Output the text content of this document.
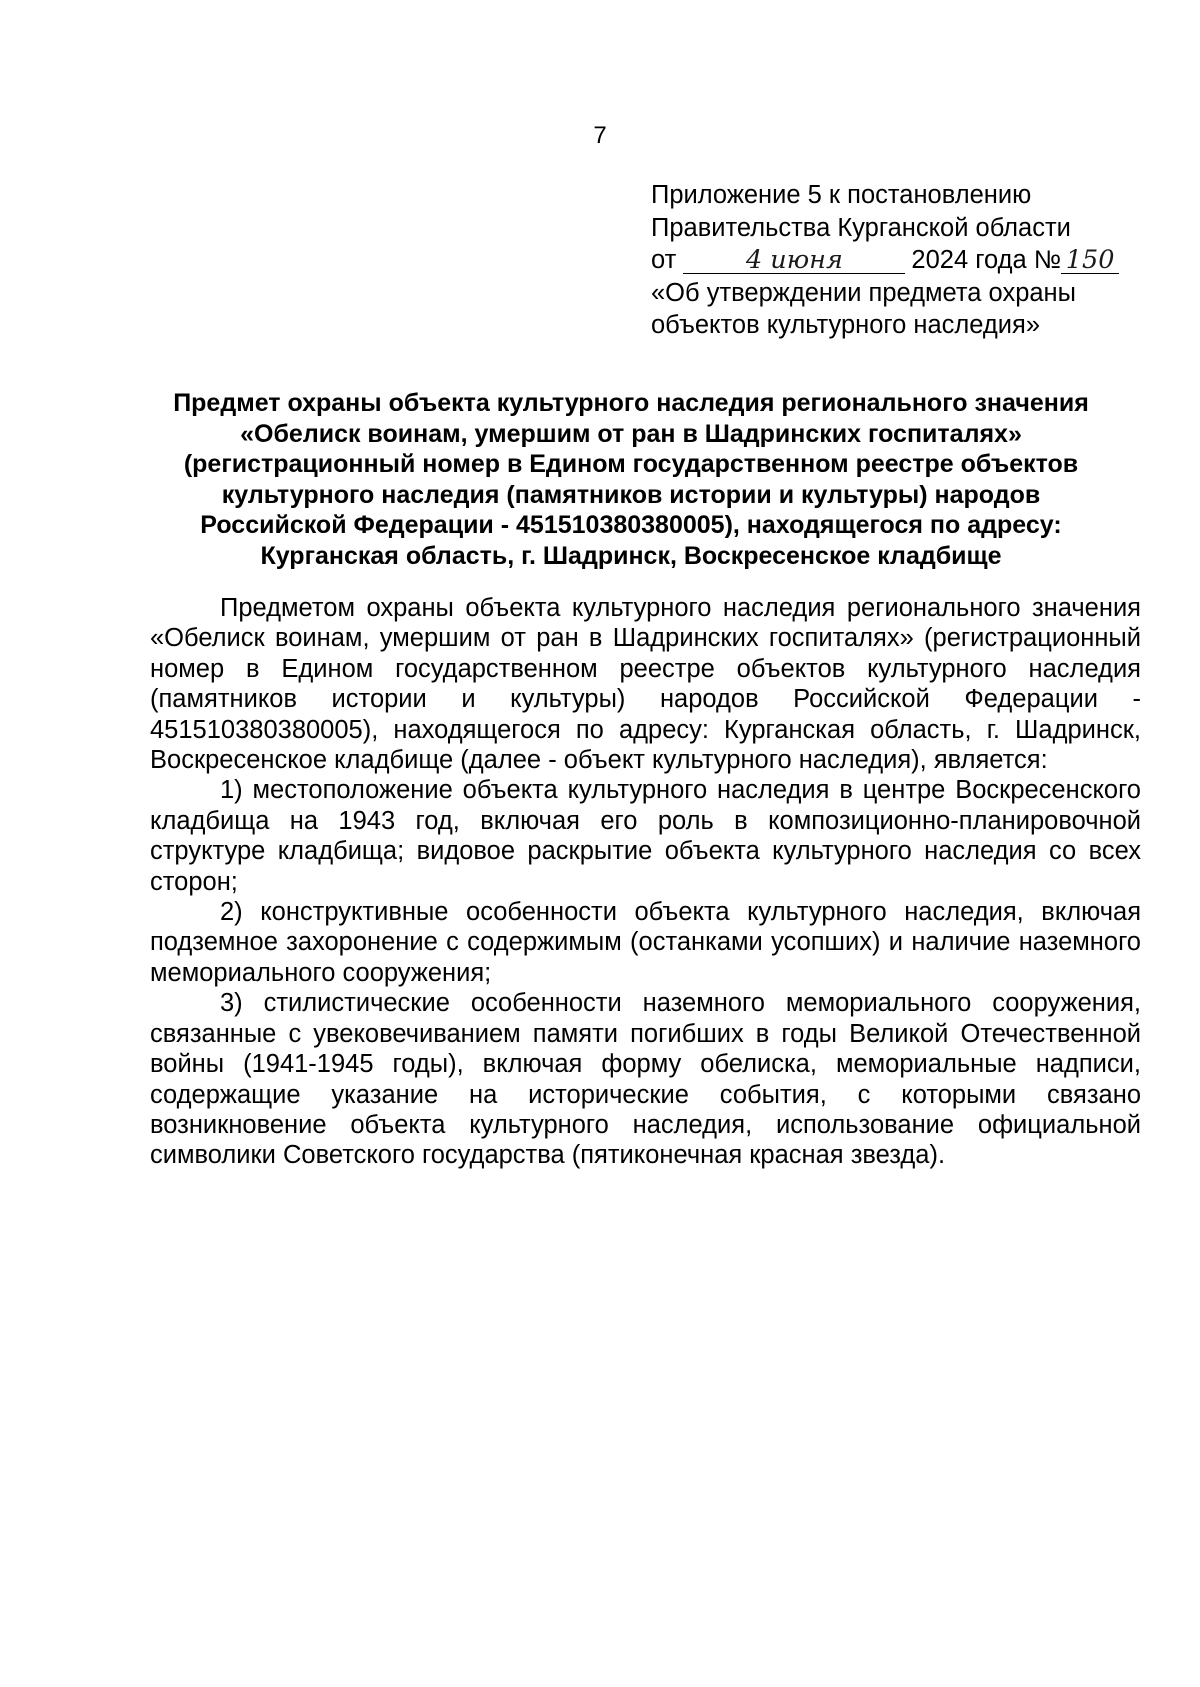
7
Приложение 5 к постановлению
Правительства Курганской области
от	4 июня	2024 года № 150
«Об утверждении предмета охраны
объектов культурного наследия»
Предмет охраны объекта культурного наследия регионального значения
«Обелиск воинам, умершим от ран в Шадринских госпиталях»
(регистрационный номер в Едином государственном реестре объектов
культурного наследия (памятников истории и культуры) народов
Российской Федерации - 451510380380005), находящегося по адресу:
Курганская область, г. Шадринск, Воскресенское кладбище

Предметом охраны объекта культурного наследия регионального значения «Обелиск воинам, умершим от ран в Шадринских госпиталях» (регистрационный номер в Едином государственном реестре объектов культурного наследия (памятников истории и культуры) народов Российской Федерации - 451510380380005), находящегося по адресу: Курганская область, г. Шадринск, Воскресенское кладбище (далее - объект культурного наследия), является:

1) местоположение объекта культурного наследия в центре Воскресенского кладбища на 1943 год, включая его роль в композиционно-планировочной структуре кладбища; видовое раскрытие объекта культурного наследия со всех сторон;

2) конструктивные особенности объекта культурного наследия, включая подземное захоронение с содержимым (останками усопших) и наличие наземного мемориального сооружения;

3) стилистические особенности наземного мемориального сооружения, связанные с увековечиванием памяти погибших в годы Великой Отечественной войны (1941-1945 годы), включая форму обелиска, мемориальные надписи, содержащие указание на исторические события, с которыми связано возникновение объекта культурного наследия, использование официальной символики Советского государства (пятиконечная красная звезда).
